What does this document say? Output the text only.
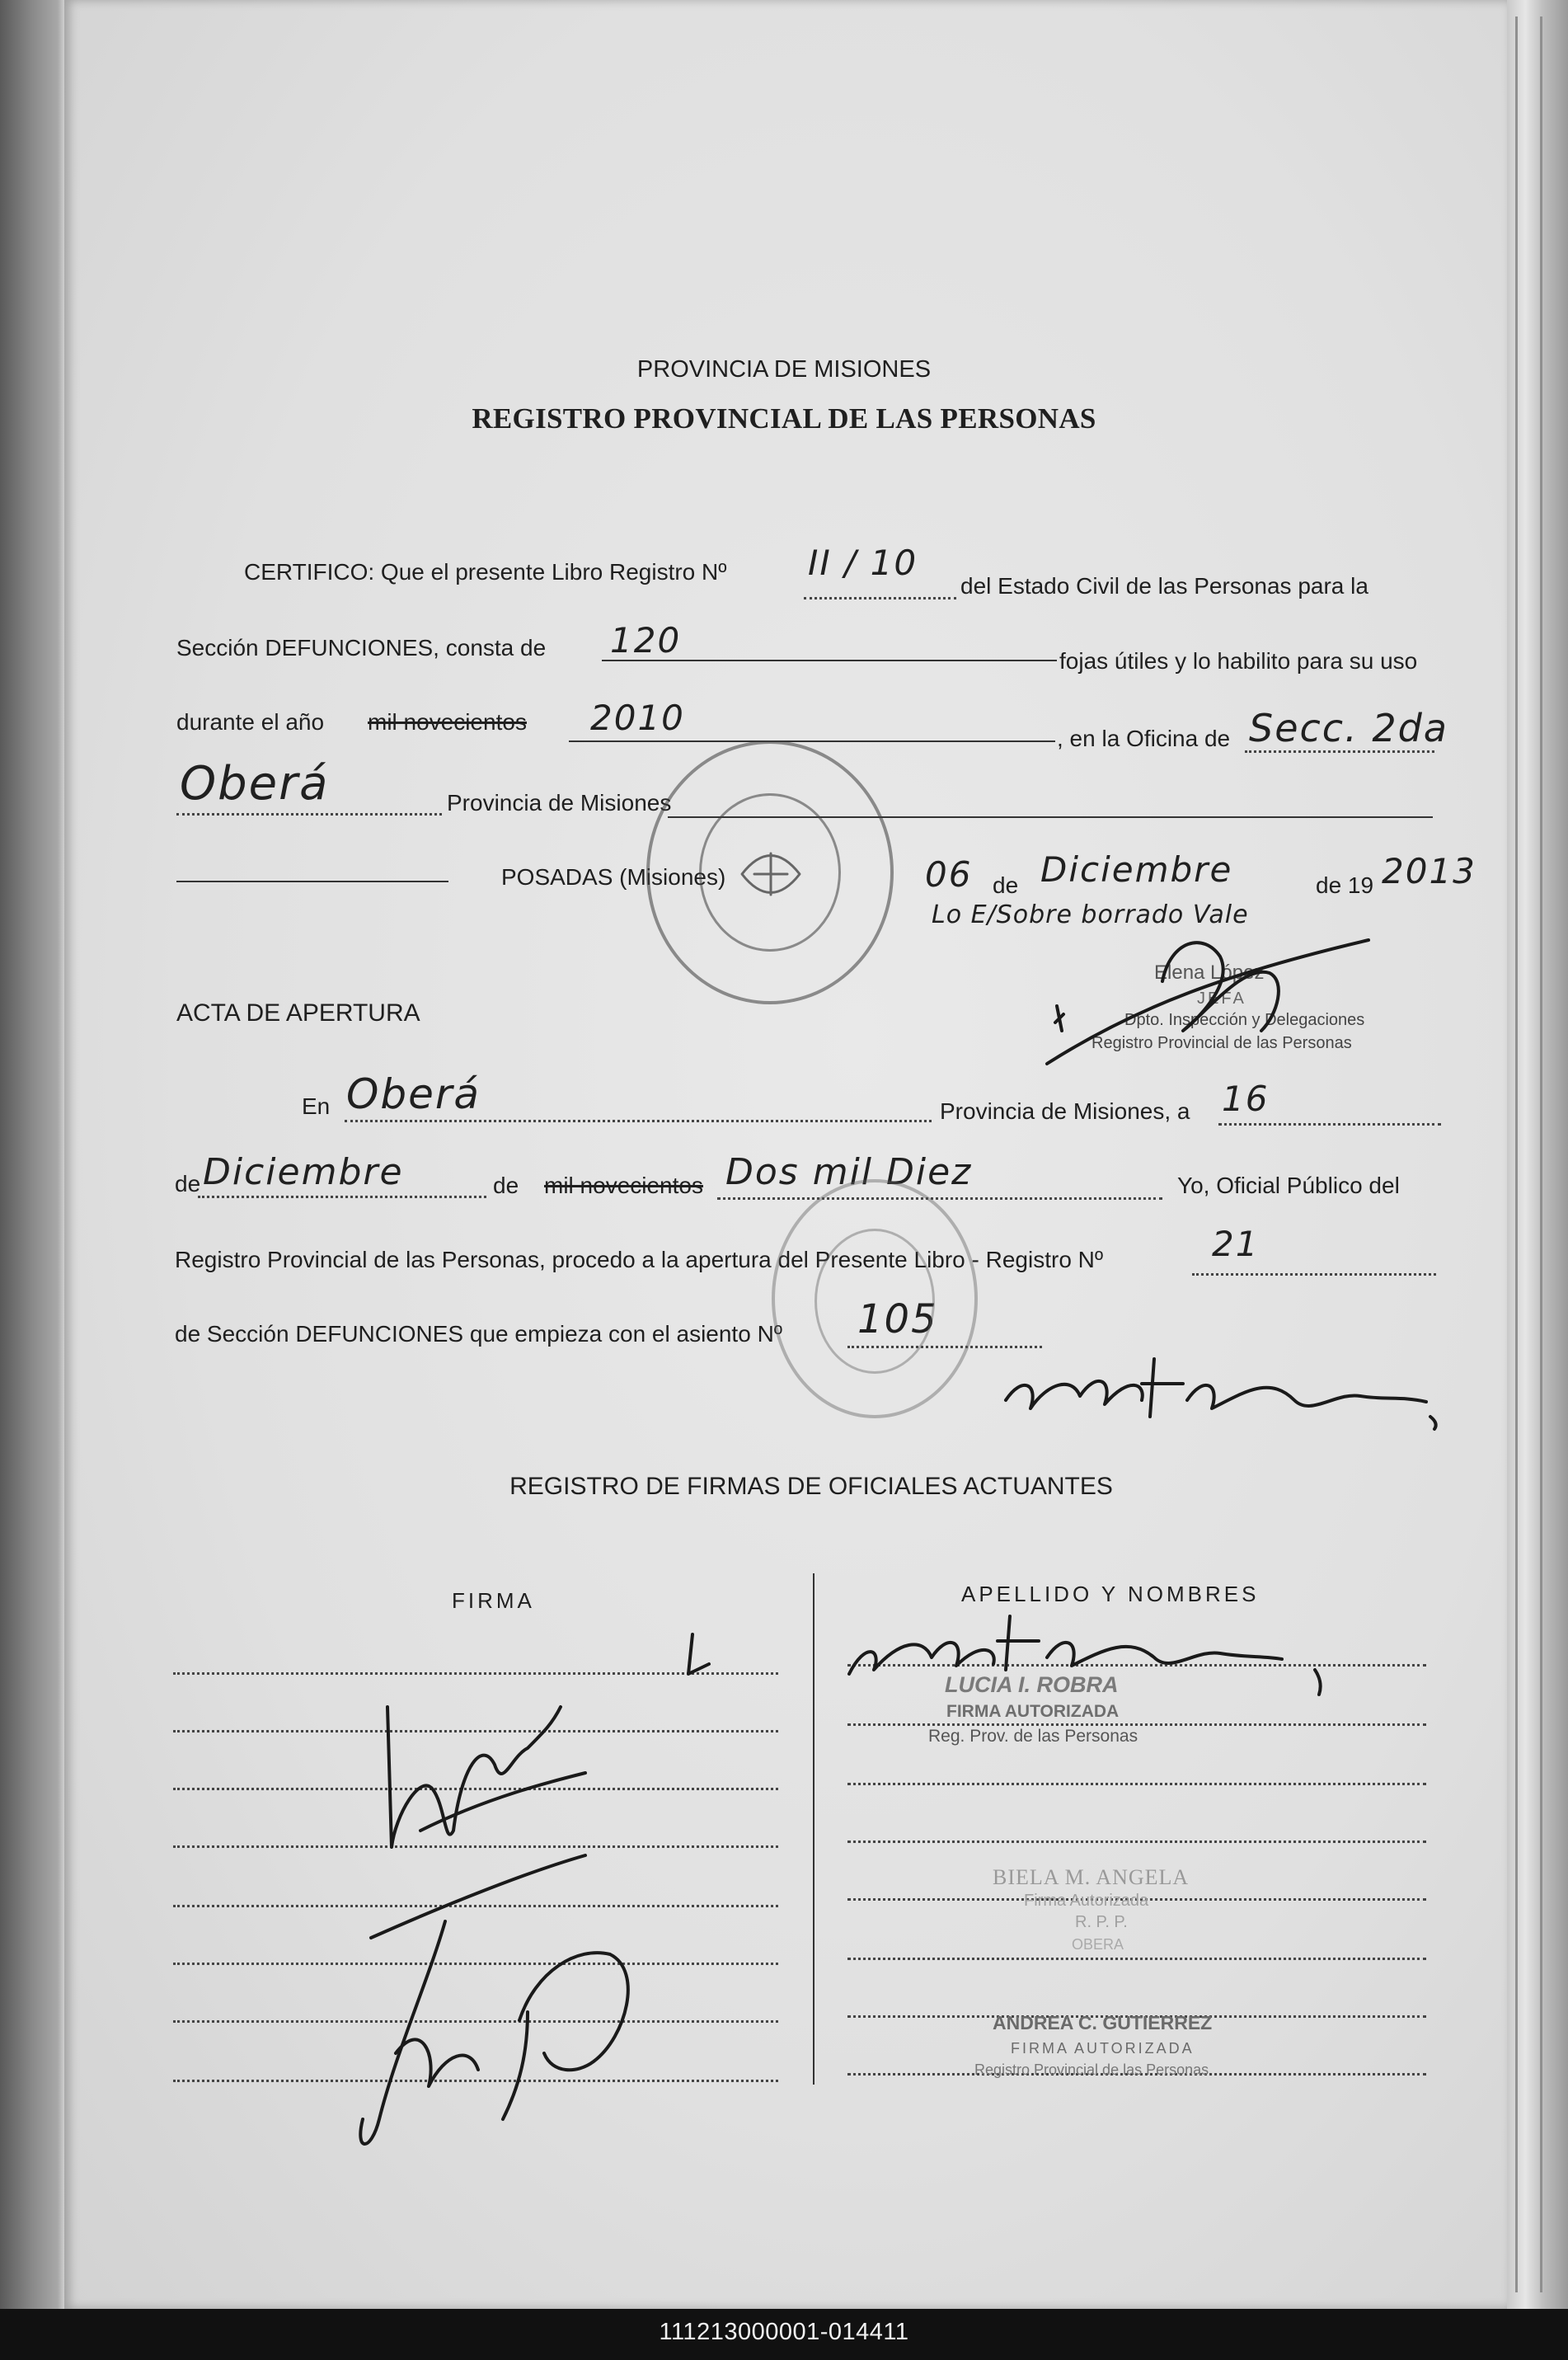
PROVINCIA DE MISIONES
REGISTRO PROVINCIAL DE LAS PERSONAS
CERTIFICO: Que el presente Libro Registro Nº II / 10
del Estado Civil de las Personas para la
Sección DEFUNCIONES, consta de 120
fojas útiles y lo habilito para su uso
durante el año mil novecientos 2010
, en la Oficina de Secc. 2da
Oberá	Provincia de Misiones
POSADAS (Misiones)	06 de Diciembre	de 19 2013
Lo E/Sobre borrado Vale
Elena López
JEFA
Dpto. Inspección y Delegaciones
Registro Provincial de las Personas
ACTA DE APERTURA
En Oberá	Provincia de Misiones, a 16
de Diciembre	de mil novecientos Dos mil Diez	Yo, Oficial Público del
Registro Provincial de las Personas, procedo a la apertura del Presente Libro - Registro Nº	21
de Sección DEFUNCIONES que empieza con el asiento Nº 105
REGISTRO DE FIRMAS DE OFICIALES ACTUANTES
FIRMA	APELLIDO Y NOMBRES
LUCIA I. ROBRA
FIRMA AUTORIZADA
Reg. Prov. de las Personas
BIELA M. ANGELA
Firma Autorizada
R. P. P.
OBERA
ANDREA C. GUTIERREZ
FIRMA AUTORIZADA
Registro Provincial de las Personas
111213000001-014411
